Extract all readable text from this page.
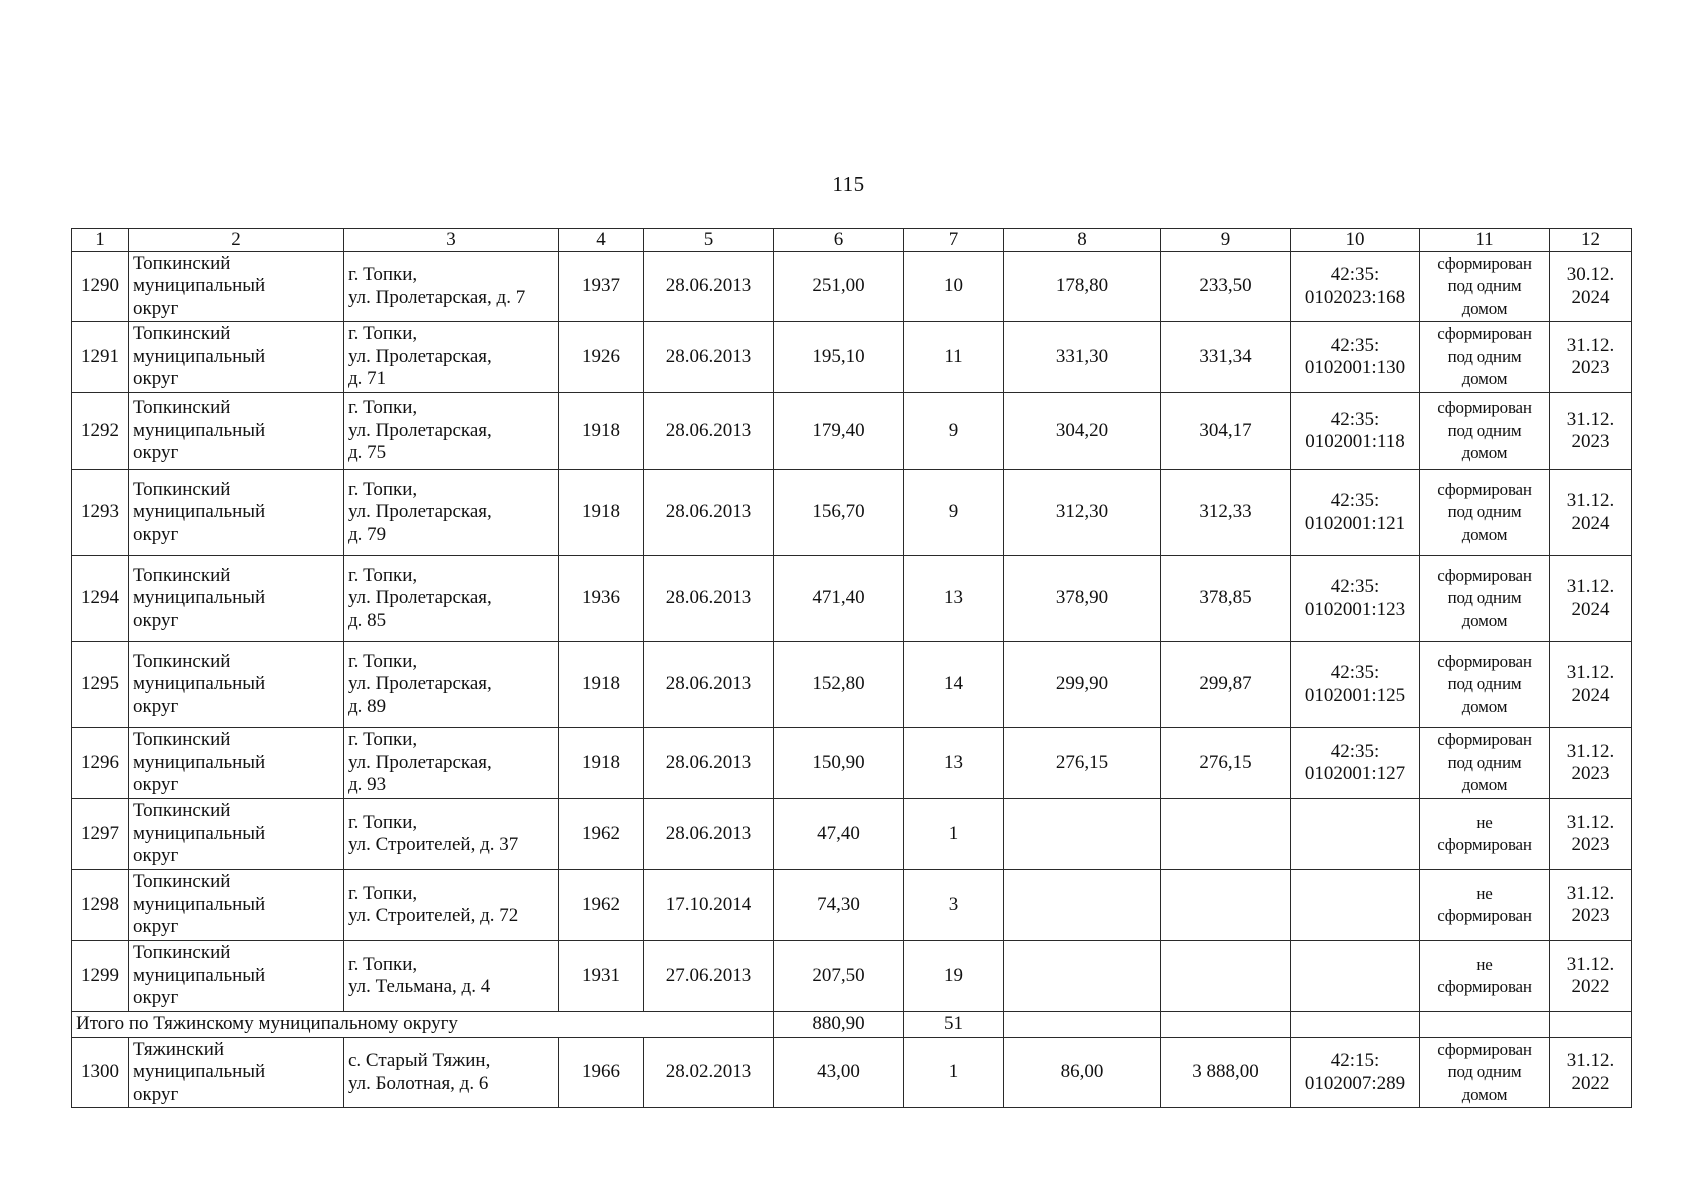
115
1	2	3	4	5	6	7	8	9	10	11	12
1290	Топкинский
муниципальный
округ	г. Топки,
ул. Пролетарская, д. 7	1937	28.06.2013	251,00	10	178,80	233,50	42:35:
0102023:168	сформирован
под одним
домом	30.12.
2024
1291	Топкинский
муниципальный
округ	г. Топки,
ул. Пролетарская,
д. 71	1926	28.06.2013	195,10	11	331,30	331,34	42:35:
0102001:130	сформирован
под одним
домом	31.12.
2023
1292	Топкинский
муниципальный
округ	г. Топки,
ул. Пролетарская,
д. 75	1918	28.06.2013	179,40	9	304,20	304,17	42:35:
0102001:118	сформирован
под одним
домом	31.12.
2023
1293	Топкинский
муниципальный
округ	г. Топки,
ул. Пролетарская,
д. 79	1918	28.06.2013	156,70	9	312,30	312,33	42:35:
0102001:121	сформирован
под одним
домом	31.12.
2024
1294	Топкинский
муниципальный
округ	г. Топки,
ул. Пролетарская,
д. 85	1936	28.06.2013	471,40	13	378,90	378,85	42:35:
0102001:123	сформирован
под одним
домом	31.12.
2024
1295	Топкинский
муниципальный
округ	г. Топки,
ул. Пролетарская,
д. 89	1918	28.06.2013	152,80	14	299,90	299,87	42:35:
0102001:125	сформирован
под одним
домом	31.12.
2024
1296	Топкинский
муниципальный
округ	г. Топки,
ул. Пролетарская,
д. 93	1918	28.06.2013	150,90	13	276,15	276,15	42:35:
0102001:127	сформирован
под одним
домом	31.12.
2023
1297	Топкинский
муниципальный
округ	г. Топки,
ул. Строителей, д. 37	1962	28.06.2013	47,40	1				не
сформирован	31.12.
2023
1298	Топкинский
муниципальный
округ	г. Топки,
ул. Строителей, д. 72	1962	17.10.2014	74,30	3				не
сформирован	31.12.
2023
1299	Топкинский
муниципальный
округ	г. Топки,
ул. Тельмана, д. 4	1931	27.06.2013	207,50	19				не
сформирован	31.12.
2022
Итого по Тяжинскому муниципальному округу					880,90	51					
1300	Тяжинский
муниципальный
округ	с. Старый Тяжин,
ул. Болотная, д. 6	1966	28.02.2013	43,00	1	86,00	3 888,00	42:15:
0102007:289	сформирован
под одним
домом	31.12.
2022
